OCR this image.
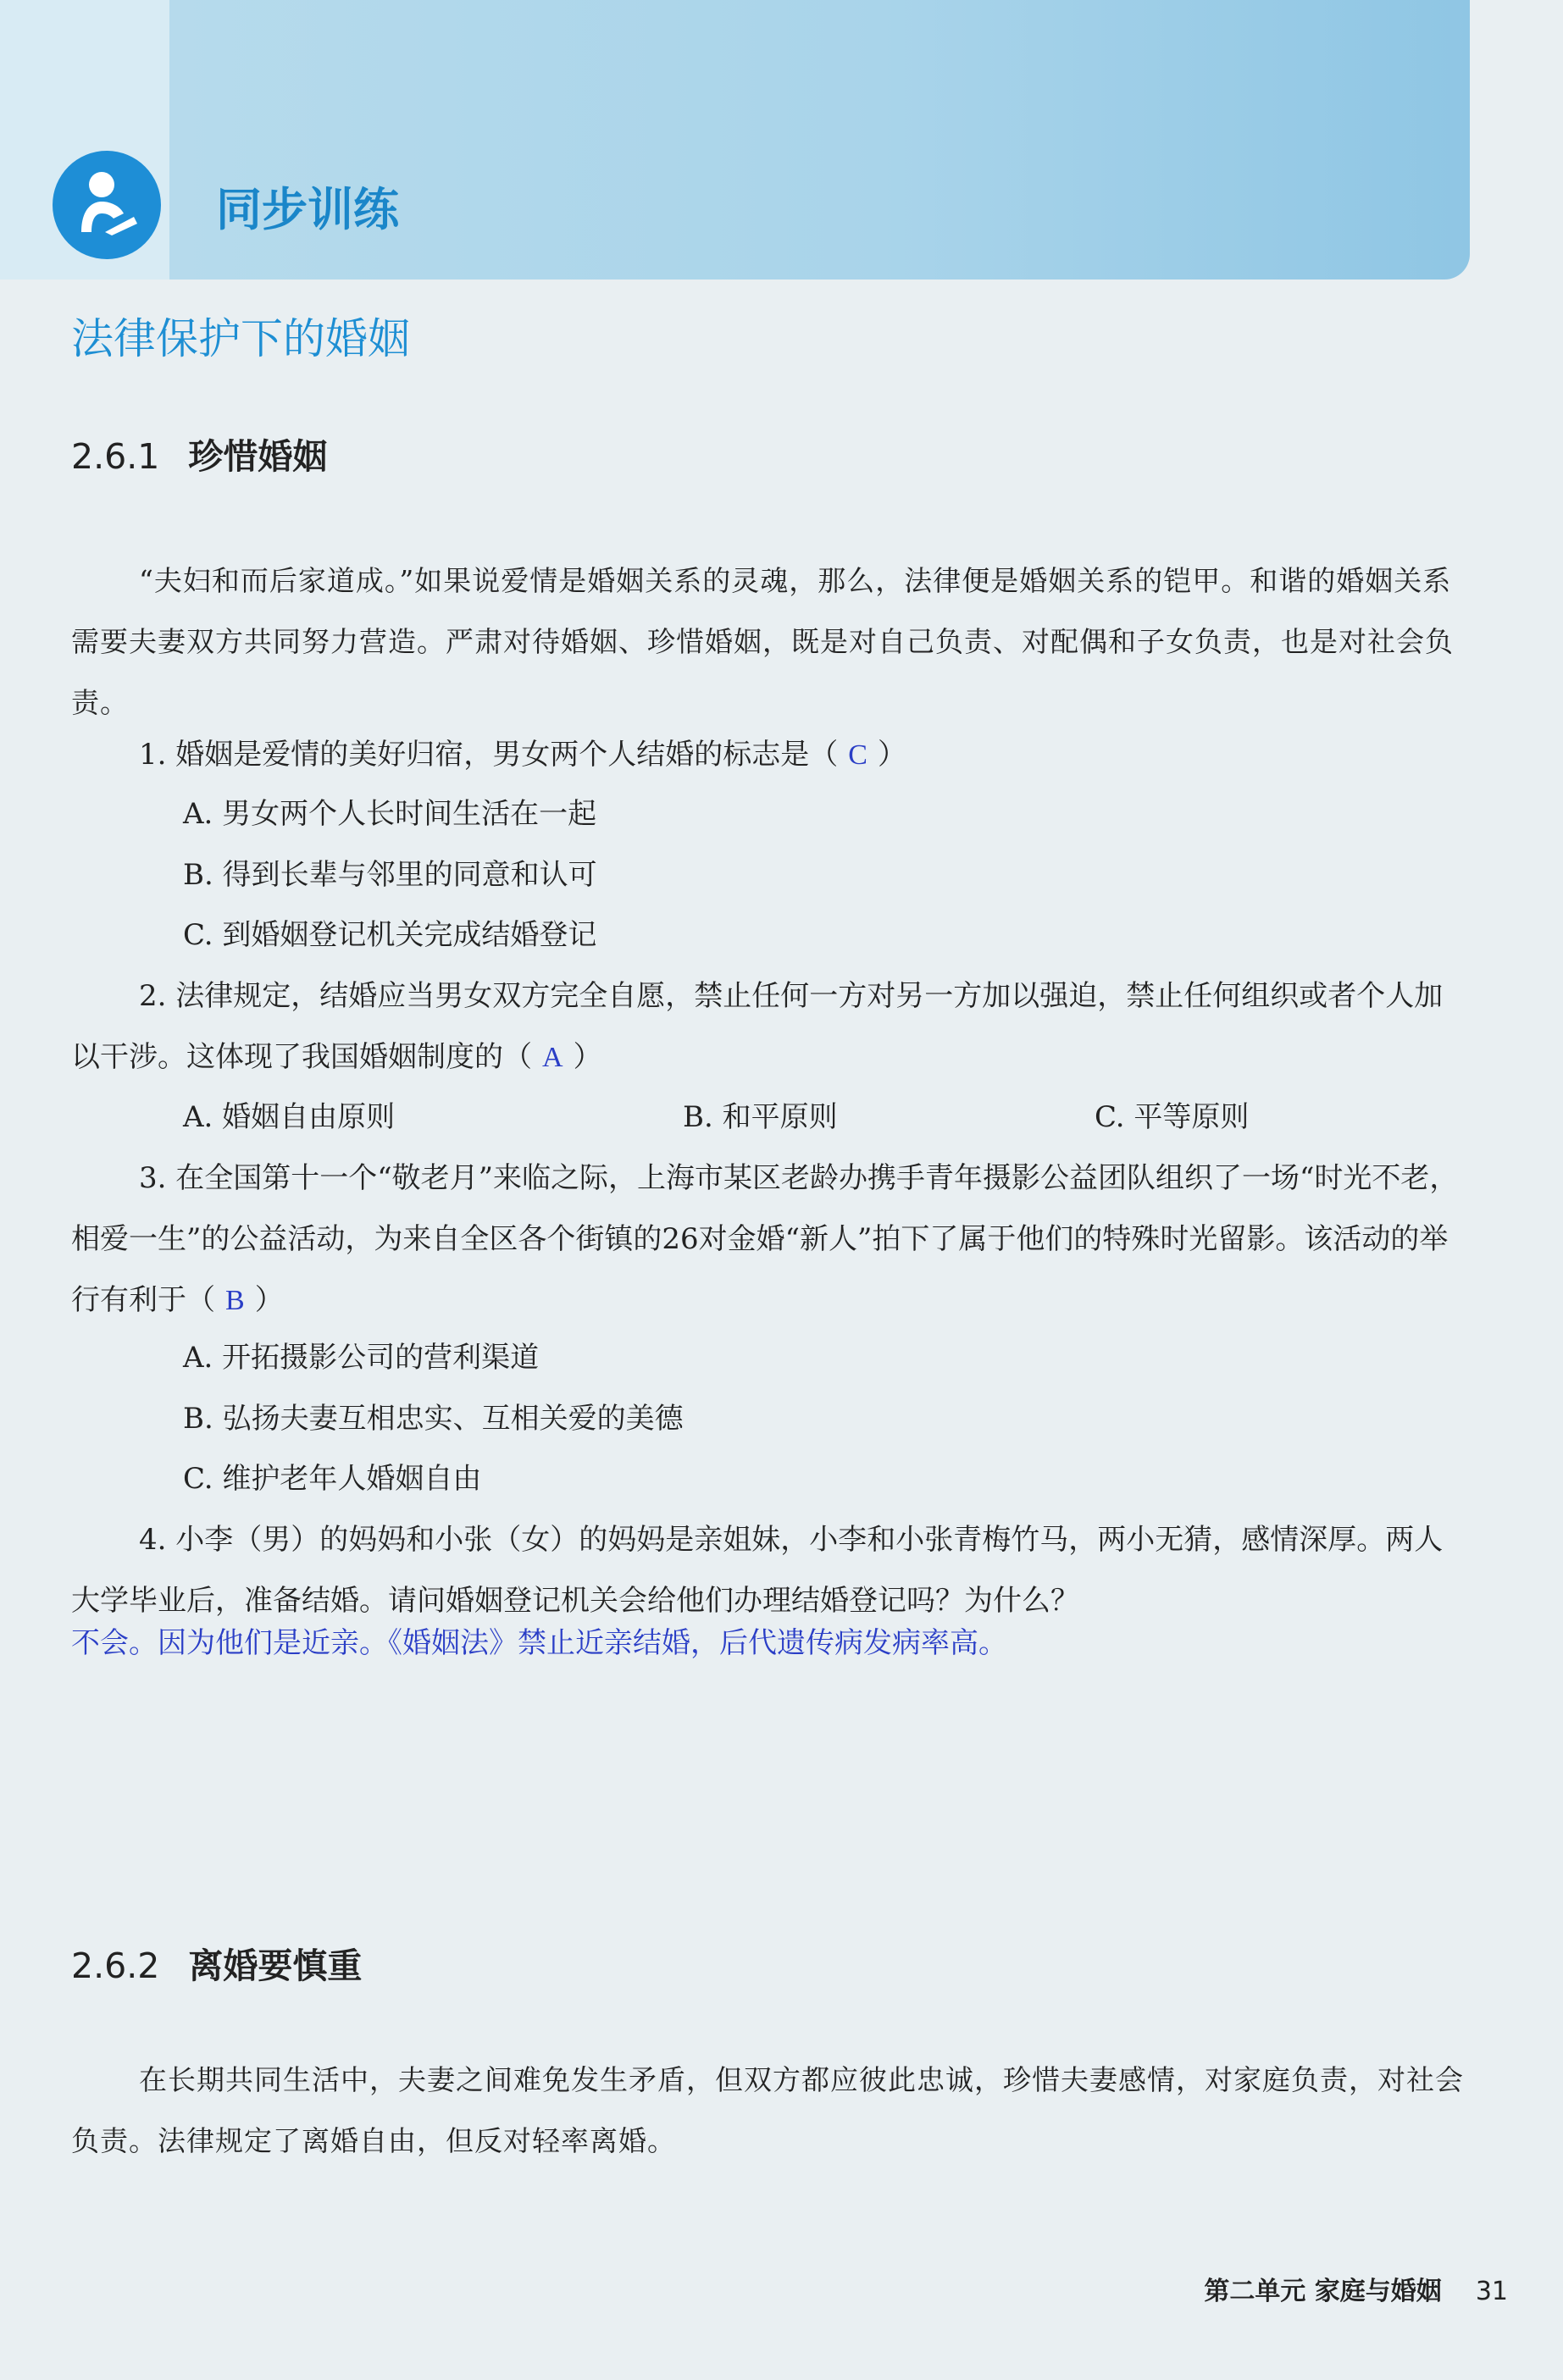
同步训练
法律保护下的婚姻
2.6.1 珍惜婚姻
“夫妇和而后家道成。”如果说爱情是婚姻关系的灵魂，那么，法律便是婚姻关系的铠甲。和谐的婚姻关系需要夫妻双方共同努力营造。严肃对待婚姻、珍惜婚姻，既是对自己负责、对配偶和子女负责，也是对社会负责。
1. 婚姻是爱情的美好归宿，男女两个人结婚的标志是（ C ）
A. 男女两个人长时间生活在一起
B. 得到长辈与邻里的同意和认可
C. 到婚姻登记机关完成结婚登记
2. 法律规定，结婚应当男女双方完全自愿，禁止任何一方对另一方加以强迫，禁止任何组织或者个人加以干涉。这体现了我国婚姻制度的（ A ）
A. 婚姻自由原则	B. 和平原则	C. 平等原则
3. 在全国第十一个“敬老月”来临之际，上海市某区老龄办携手青年摄影公益团队组织了一场“时光不老，相爱一生”的公益活动，为来自全区各个街镇的26对金婚“新人”拍下了属于他们的特殊时光留影。该活动的举行有利于（ B ）
A. 开拓摄影公司的营利渠道
B. 弘扬夫妻互相忠实、互相关爱的美德
C. 维护老年人婚姻自由
4. 小李（男）的妈妈和小张（女）的妈妈是亲姐妹，小李和小张青梅竹马，两小无猜，感情深厚。两人大学毕业后，准备结婚。请问婚姻登记机关会给他们办理结婚登记吗？为什么？
不会。因为他们是近亲。《婚姻法》禁止近亲结婚，后代遗传病发病率高。
2.6.2 离婚要慎重
在长期共同生活中，夫妻之间难免发生矛盾，但双方都应彼此忠诚，珍惜夫妻感情，对家庭负责，对社会负责。法律规定了离婚自由，但反对轻率离婚。
第二单元 家庭与婚姻 31
